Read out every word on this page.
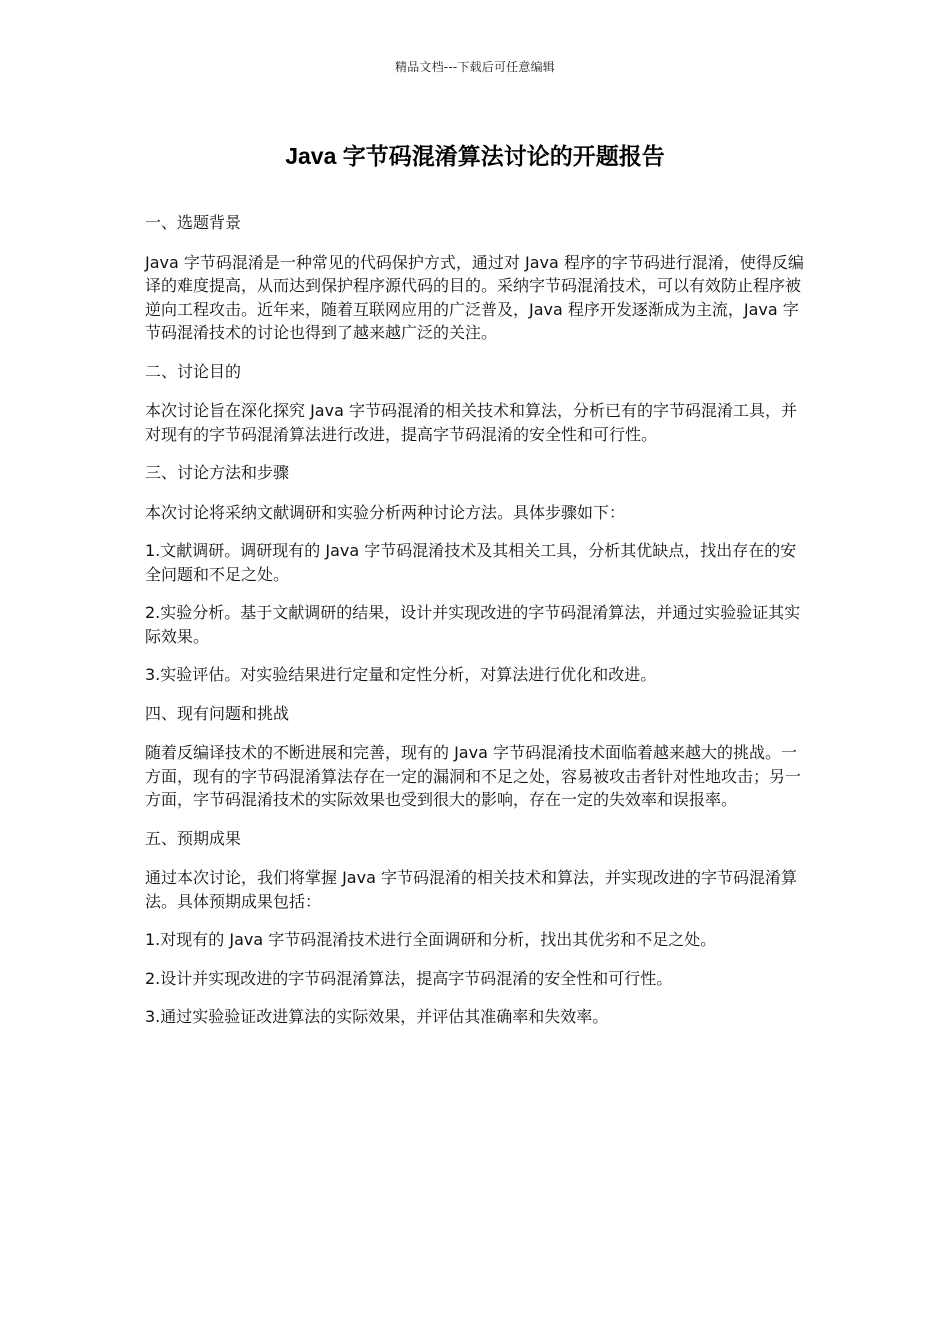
精品文档---下载后可任意编辑
Java 字节码混淆算法讨论的开题报告

一、选题背景

Java 字节码混淆是一种常见的代码保护方式，通过对 Java 程序的字节码进行混淆，使得反编译的难度提高，从而达到保护程序源代码的目的。采纳字节码混淆技术，可以有效防止程序被逆向工程攻击。近年来，随着互联网应用的广泛普及，Java 程序开发逐渐成为主流，Java 字节码混淆技术的讨论也得到了越来越广泛的关注。

二、讨论目的

本次讨论旨在深化探究 Java 字节码混淆的相关技术和算法，分析已有的字节码混淆工具，并对现有的字节码混淆算法进行改进，提高字节码混淆的安全性和可行性。

三、讨论方法和步骤

本次讨论将采纳文献调研和实验分析两种讨论方法。具体步骤如下：

1.文献调研。调研现有的 Java 字节码混淆技术及其相关工具，分析其优缺点，找出存在的安全问题和不足之处。

2.实验分析。基于文献调研的结果，设计并实现改进的字节码混淆算法，并通过实验验证其实际效果。

3.实验评估。对实验结果进行定量和定性分析，对算法进行优化和改进。

四、现有问题和挑战

随着反编译技术的不断进展和完善，现有的 Java 字节码混淆技术面临着越来越大的挑战。一方面，现有的字节码混淆算法存在一定的漏洞和不足之处，容易被攻击者针对性地攻击；另一方面，字节码混淆技术的实际效果也受到很大的影响，存在一定的失效率和误报率。

五、预期成果

通过本次讨论，我们将掌握 Java 字节码混淆的相关技术和算法，并实现改进的字节码混淆算法。具体预期成果包括：

1.对现有的 Java 字节码混淆技术进行全面调研和分析，找出其优劣和不足之处。

2.设计并实现改进的字节码混淆算法，提高字节码混淆的安全性和可行性。

3.通过实验验证改进算法的实际效果，并评估其准确率和失效率。
